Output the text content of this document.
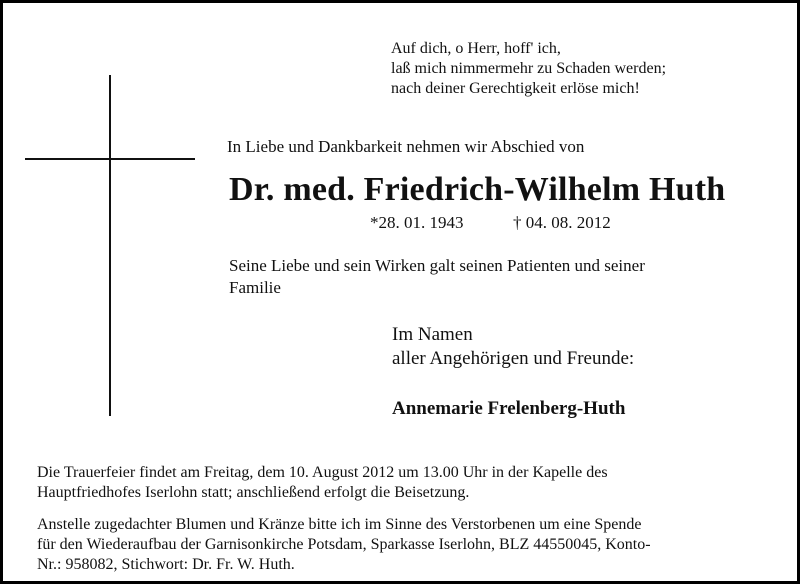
Auf dich, o Herr, hoff' ich,
laß mich nimmermehr zu Schaden werden;
nach deiner Gerechtigkeit erlöse mich!
In Liebe und Dankbarkeit nehmen wir Abschied von
Dr. med. Friedrich-Wilhelm Huth
*28. 01. 1943	† 04. 08. 2012
Seine Liebe und sein Wirken galt seinen Patienten und seiner
Familie
Im Namen
aller Angehörigen und Freunde:
Annemarie Frelenberg-Huth
Die Trauerfeier findet am Freitag, dem 10. August 2012 um 13.00 Uhr in der Kapelle des
Hauptfriedhofes Iserlohn statt; anschließend erfolgt die Beisetzung.
Anstelle zugedachter Blumen und Kränze bitte ich im Sinne des Verstorbenen um eine Spende
für den Wiederaufbau der Garnisonkirche Potsdam, Sparkasse Iserlohn, BLZ 44550045, Konto-
Nr.: 958082, Stichwort: Dr. Fr. W. Huth.
